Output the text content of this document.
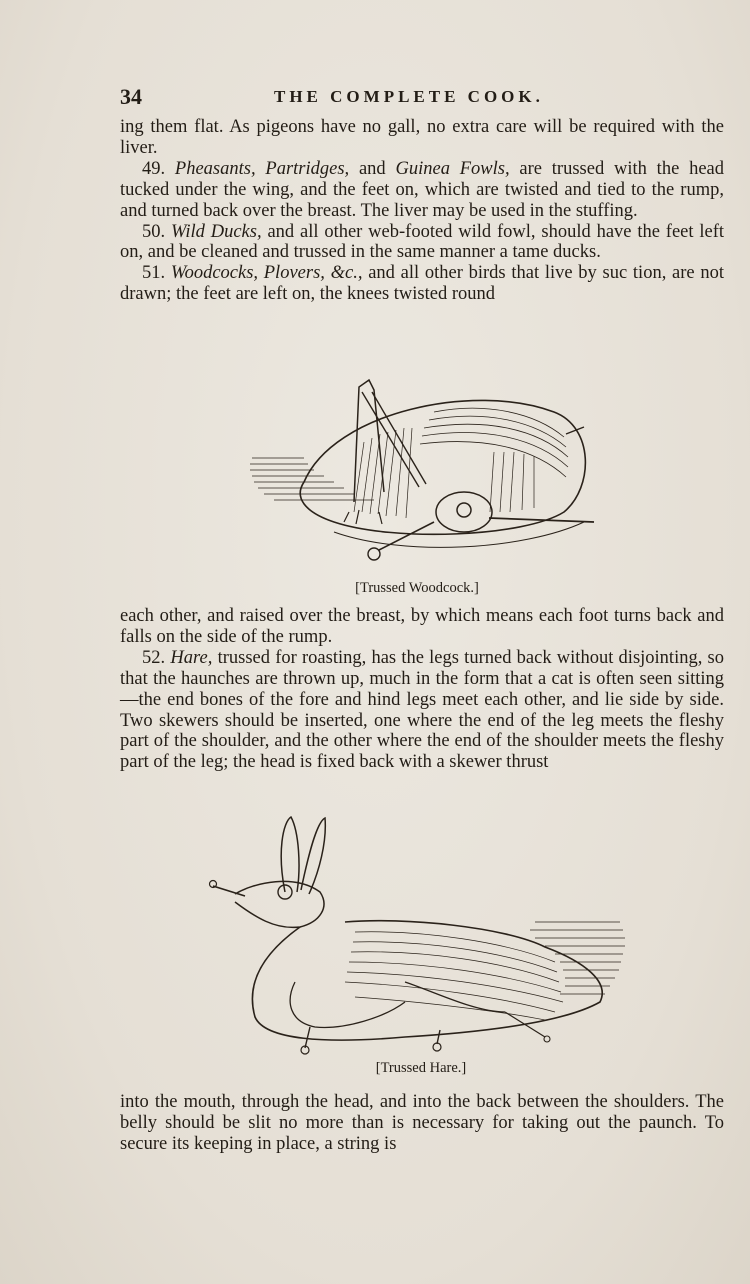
34	THE COMPLETE COOK.

ing them flat. As pigeons have no gall, no extra care will be required with the liver.

49. Pheasants, Partridges, and Guinea Fowls, are trussed with the head tucked under the wing, and the feet on, which are twisted and tied to the rump, and turned back over the breast. The liver may be used in the stuffing.

50. Wild Ducks, and all other web-footed wild fowl, should have the feet left on, and be cleaned and trussed in the same manner a tame ducks.

51. Woodcocks, Plovers, &c., and all other birds that live by suc tion, are not drawn; the feet are left on, the knees twisted round

[Trussed Woodcock.]

each other, and raised over the breast, by which means each foot turns back and falls on the side of the rump.

52. Hare, trussed for roasting, has the legs turned back without disjointing, so that the haunches are thrown up, much in the form that a cat is often seen sitting—the end bones of the fore and hind legs meet each other, and lie side by side. Two skewers should be inserted, one where the end of the leg meets the fleshy part of the shoulder, and the other where the end of the shoulder meets the fleshy part of the leg; the head is fixed back with a skewer thrust

[Trussed Hare.]

into the mouth, through the head, and into the back between the shoulders. The belly should be slit no more than is necessary for taking out the paunch. To secure its keeping in place, a string is
